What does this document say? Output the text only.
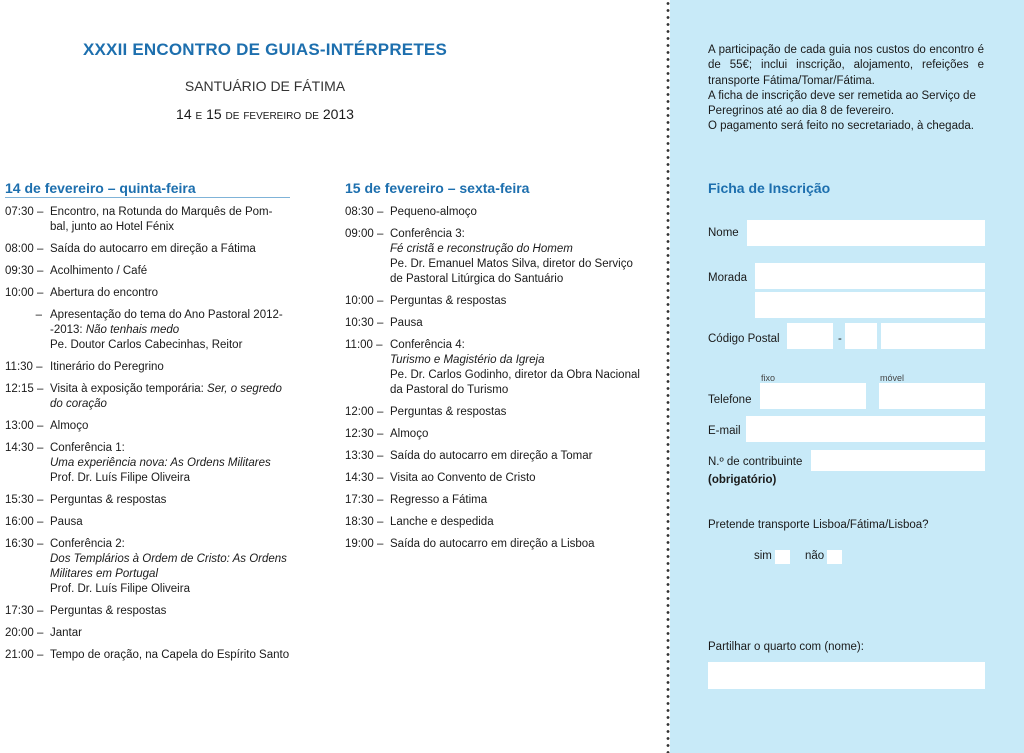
XXXII ENCONTRO DE GUIAS-INTÉRPRETES
SANTUÁRIO DE FÁTIMA
14 E 15 DE FEVEREIRO DE 2013
14 de fevereiro – quinta-feira
07:30 – Encontro, na Rotunda do Marquês de Pom-
bal, junto ao Hotel Fénix
08:00 – Saída do autocarro em direção a Fátima
09:30 – Acolhimento / Café
10:00 – Abertura do encontro
– Apresentação do tema do Ano Pastoral 2012-
-2013: Não tenhais medo
Pe. Doutor Carlos Cabecinhas, Reitor
11:30 – Itinerário do Peregrino
12:15 – Visita à exposição temporária: Ser, o segredo
do coração
13:00 – Almoço
14:30 – Conferência 1:
Uma experiência nova: As Ordens Militares
Prof. Dr. Luís Filipe Oliveira
15:30 – Perguntas & respostas
16:00 – Pausa
16:30 – Conferência 2:
Dos Templários à Ordem de Cristo: As Ordens
Militares em Portugal
Prof. Dr. Luís Filipe Oliveira
17:30 – Perguntas & respostas
20:00 – Jantar
21:00 – Tempo de oração, na Capela do Espírito Santo
15 de fevereiro – sexta-feira
08:30 – Pequeno-almoço
09:00 – Conferência 3:
Fé cristã e reconstrução do Homem
Pe. Dr. Emanuel Matos Silva, diretor do Serviço
de Pastoral Litúrgica do Santuário
10:00 – Perguntas & respostas
10:30 – Pausa
11:00 – Conferência 4:
Turismo e Magistério da Igreja
Pe. Dr. Carlos Godinho, diretor da Obra Nacional
da Pastoral do Turismo
12:00 – Perguntas & respostas
12:30 – Almoço
13:30 – Saída do autocarro em direção a Tomar
14:30 – Visita ao Convento de Cristo
17:30 – Regresso a Fátima
18:30 – Lanche e despedida
19:00 – Saída do autocarro em direção a Lisboa
A participação de cada guia nos custos do encontro é de 55€; inclui inscrição, alojamento, refeições e transporte Fátima/Tomar/Fátima.
A ficha de inscrição deve ser remetida ao Serviço de Peregrinos até ao dia 8 de fevereiro.
O pagamento será feito no secretariado, à chegada.
Ficha de Inscrição
Nome
Morada
Código Postal	-
fixo	móvel
Telefone
E-mail
N.º de contribuinte
(obrigatório)
Pretende transporte Lisboa/Fátima/Lisboa?
sim	não
Partilhar o quarto com (nome):
